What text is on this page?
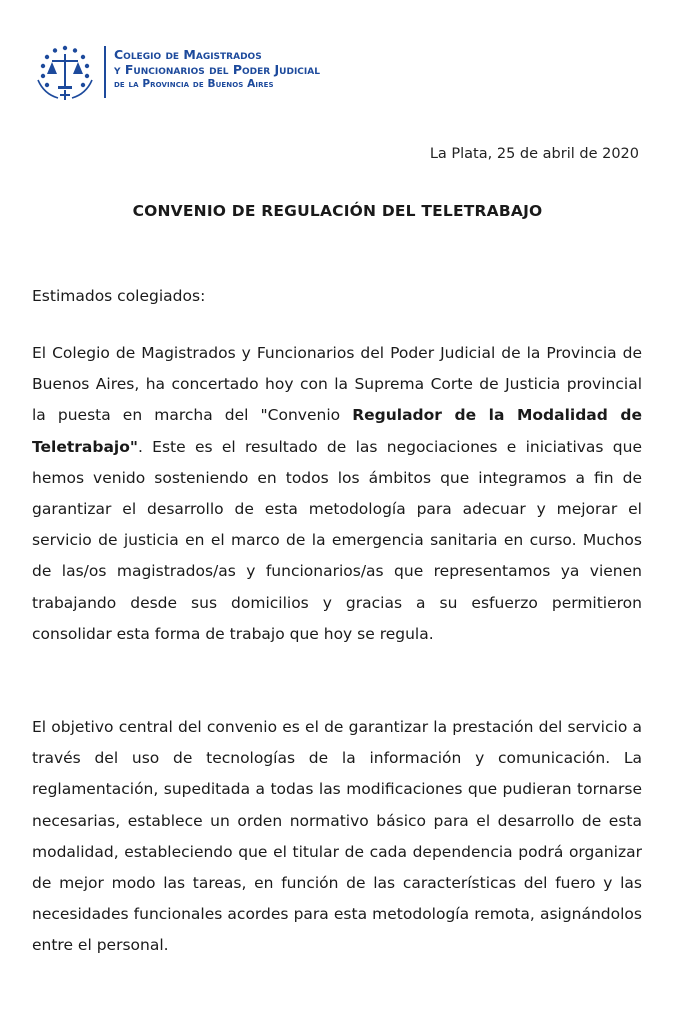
Colegio de Magistrados
y Funcionarios del Poder Judicial
de la Provincia de Buenos Aires
La Plata, 25 de abril de 2020
CONVENIO DE REGULACIÓN DEL TELETRABAJO
Estimados colegiados:

El Colegio de Magistrados y Funcionarios del Poder Judicial de la Provincia de Buenos Aires, ha concertado hoy con la Suprema Corte de Justicia provincial la puesta en marcha del "Convenio Regulador de la Modalidad de Teletrabajo". Este es el resultado de las negociaciones e iniciativas que hemos venido sosteniendo en todos los ámbitos que integramos a fin de garantizar el desarrollo de esta metodología para adecuar y mejorar el servicio de justicia en el marco de la emergencia sanitaria en curso. Muchos de las/os magistrados/as y funcionarios/as que representamos ya vienen trabajando desde sus domicilios y gracias a su esfuerzo permitieron consolidar esta forma de trabajo que hoy se regula.

El objetivo central del convenio es el de garantizar la prestación del servicio a través del uso de tecnologías de la información y comunicación. La reglamentación, supeditada a todas las modificaciones que pudieran tornarse necesarias, establece un orden normativo básico para el desarrollo de esta modalidad, estableciendo que el titular de cada dependencia podrá organizar de mejor modo las tareas, en función de las características del fuero y las necesidades funcionales acordes para esta metodología remota, asignándolos entre el personal.
